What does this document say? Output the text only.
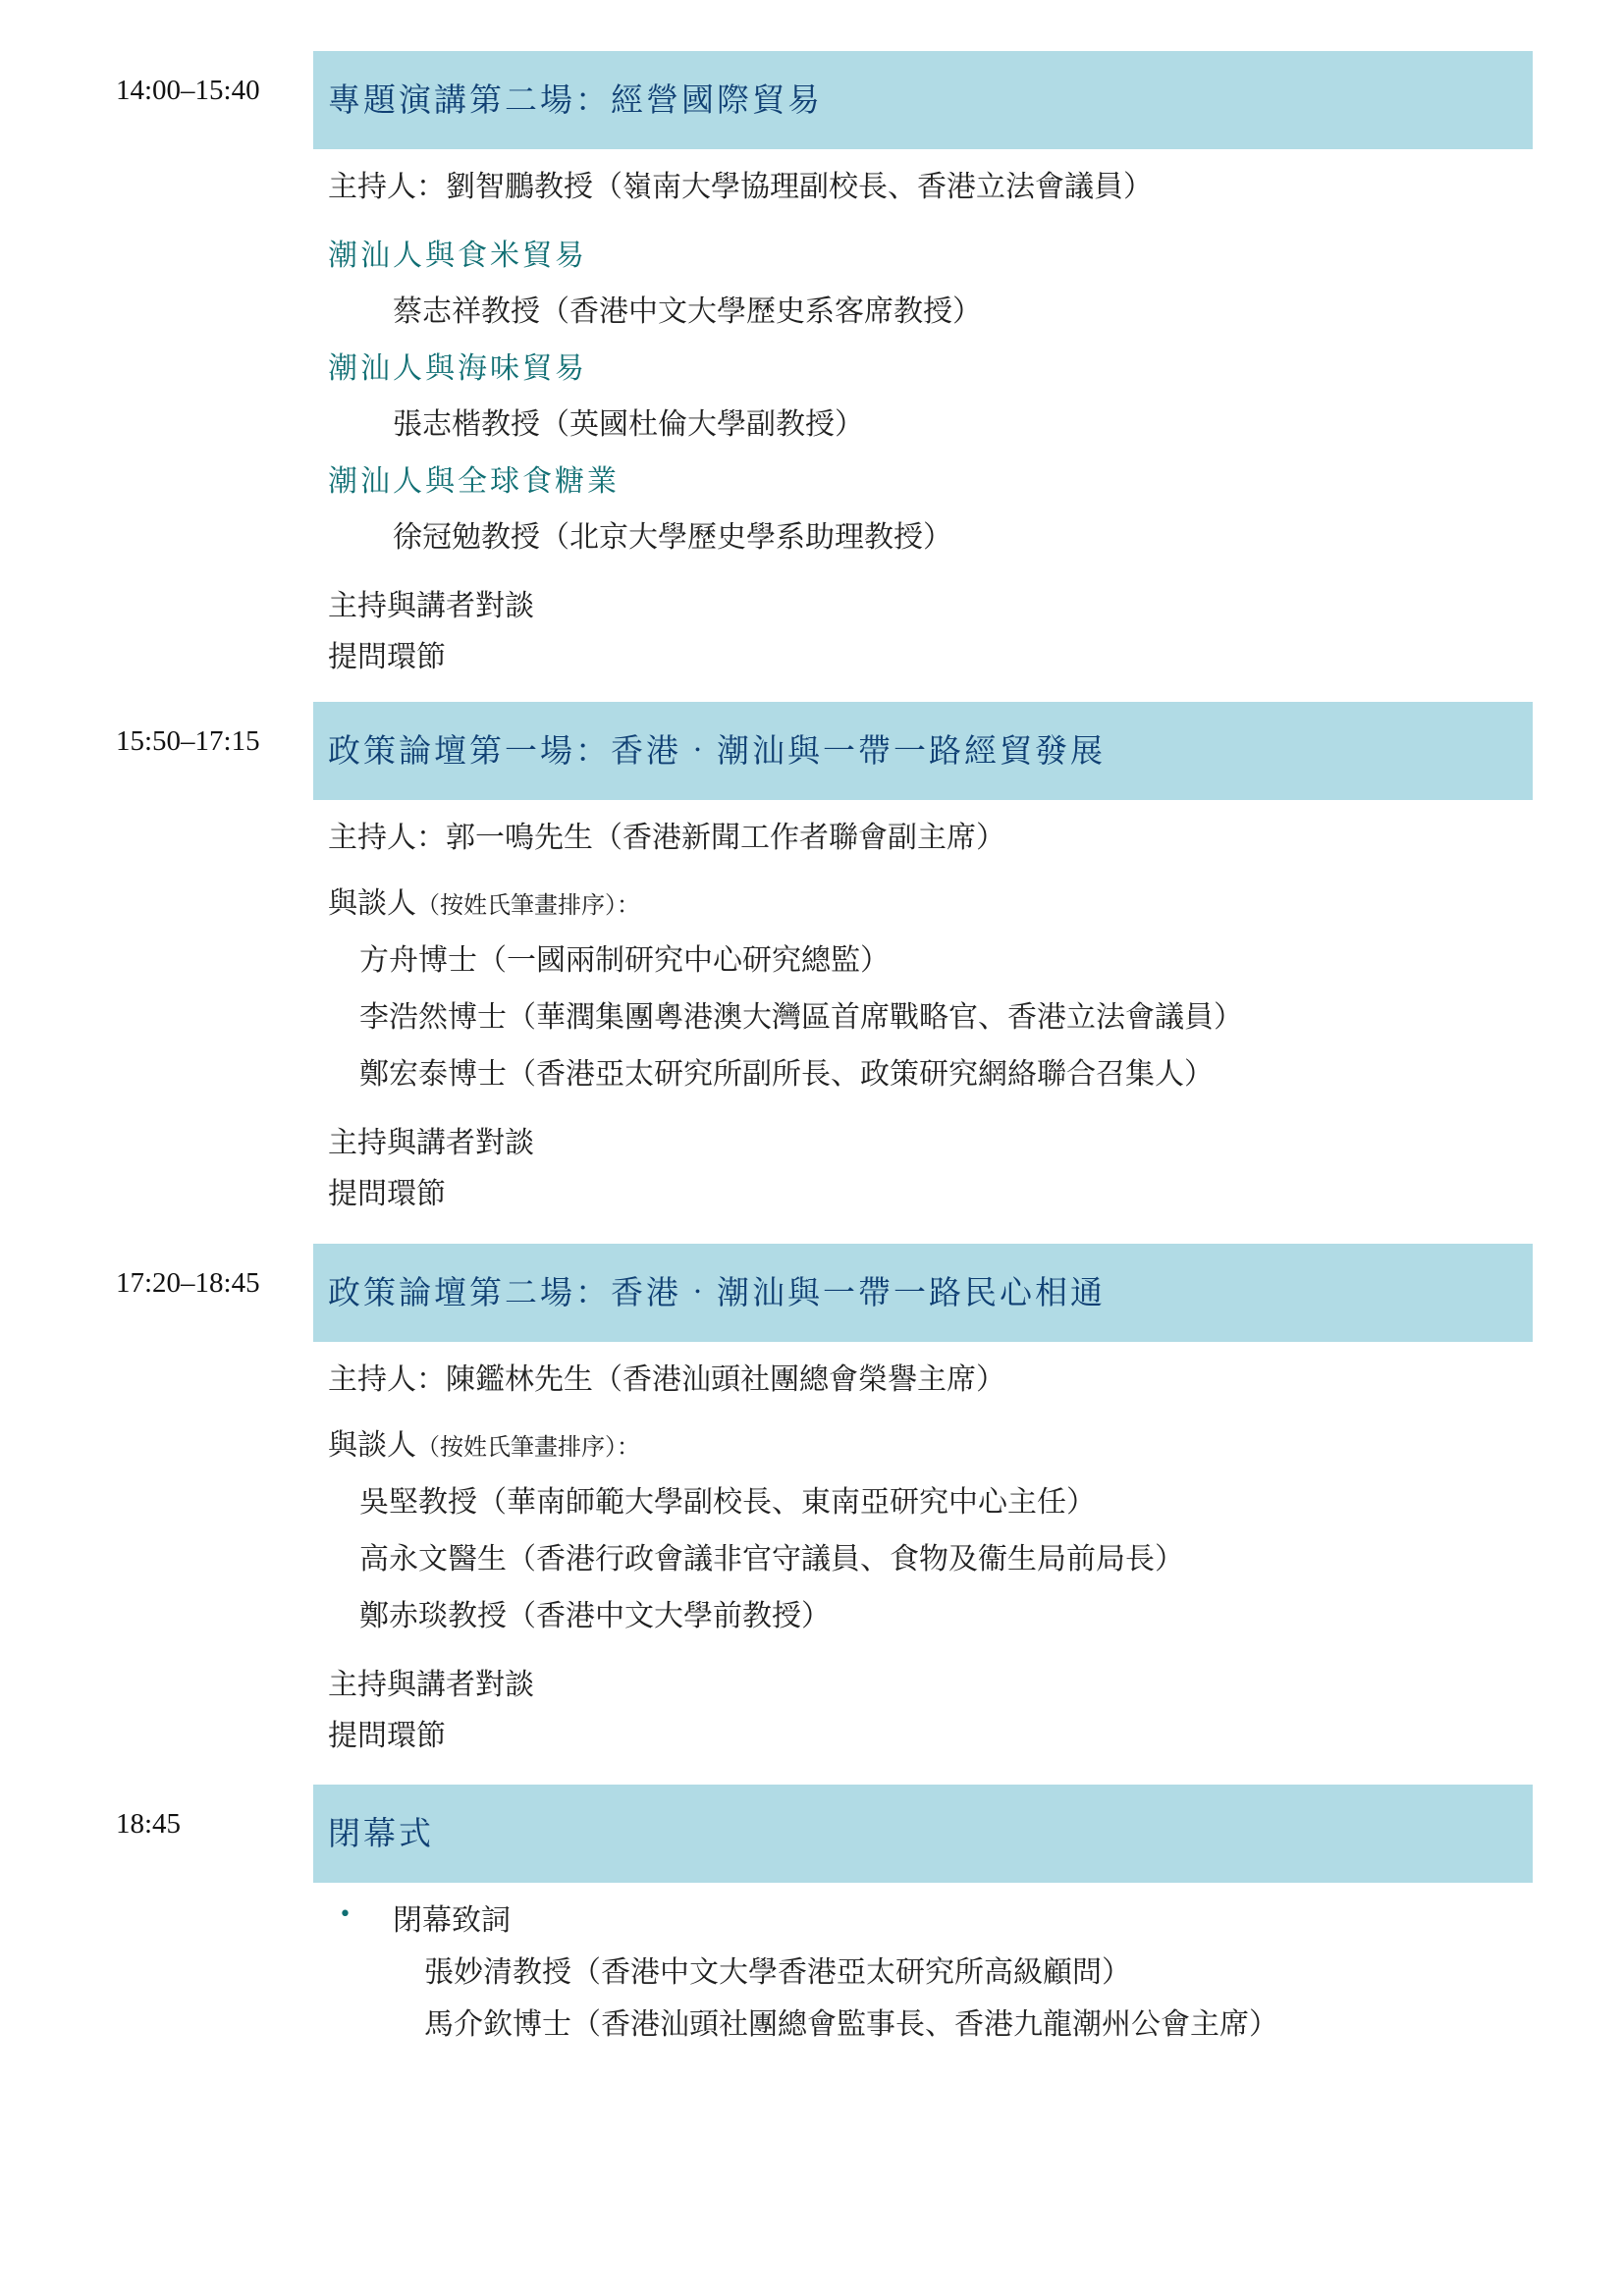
14:00–15:40 專題演講第二場：經營國際貿易
主持人：劉智鵬教授（嶺南大學協理副校長、香港立法會議員）
潮汕人與食米貿易
蔡志祥教授（香港中文大學歷史系客席教授）
潮汕人與海味貿易
張志楷教授（英國杜倫大學副教授）
潮汕人與全球食糖業
徐冠勉教授（北京大學歷史學系助理教授）
主持與講者對談
提問環節
15:50–17:15 政策論壇第一場：香港‧潮汕與一帶一路經貿發展
主持人：郭一鳴先生（香港新聞工作者聯會副主席）
與談人（按姓氏筆畫排序）：
方舟博士（一國兩制研究中心研究總監）
李浩然博士（華潤集團粵港澳大灣區首席戰略官、香港立法會議員）
鄭宏泰博士（香港亞太研究所副所長、政策研究網絡聯合召集人）
主持與講者對談
提問環節
17:20–18:45 政策論壇第二場：香港‧潮汕與一帶一路民心相通
主持人：陳鑑林先生（香港汕頭社團總會榮譽主席）
與談人（按姓氏筆畫排序）：
吳堅教授（華南師範大學副校長、東南亞研究中心主任）
高永文醫生（香港行政會議非官守議員、食物及衞生局前局長）
鄭赤琰教授（香港中文大學前教授）
主持與講者對談
提問環節
18:45	閉幕式
• 閉幕致詞
張妙清教授（香港中文大學香港亞太研究所高級顧問）
馬介欽博士（香港汕頭社團總會監事長、香港九龍潮州公會主席）
